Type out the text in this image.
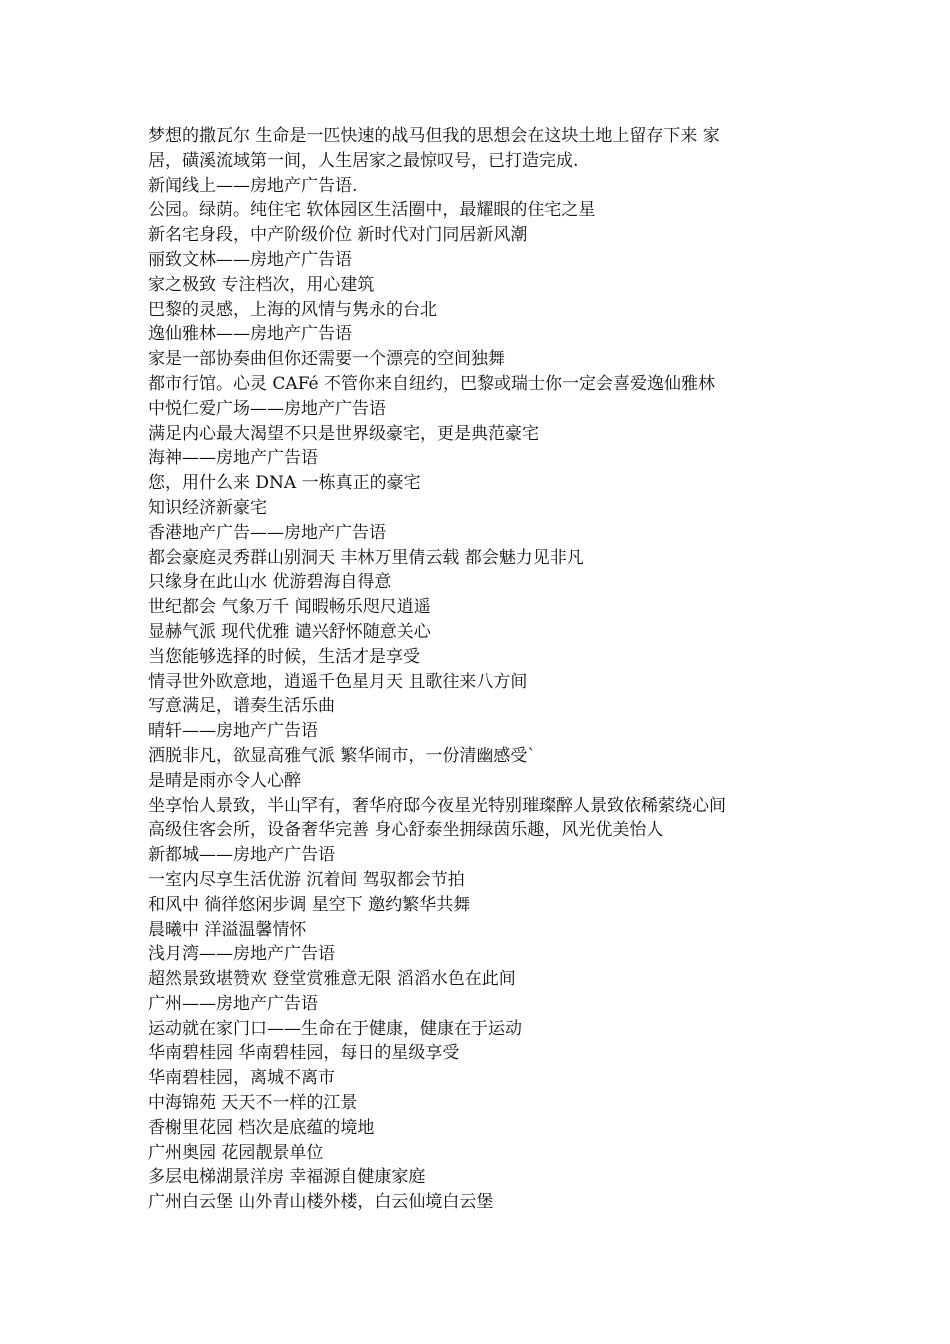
梦想的撒瓦尔 生命是一匹快速的战马但我的思想会在这块土地上留存下来 家
居，磺溪流域第一间，人生居家之最惊叹号，已打造完成.
新闻线上——房地产广告语.
公园。绿荫。纯住宅 软体园区生活圈中，最耀眼的住宅之星
新名宅身段，中产阶级价位 新时代对门同居新风潮
丽致文林——房地产广告语
家之极致 专注档次，用心建筑
巴黎的灵感，上海的风情与隽永的台北
逸仙雅林——房地产广告语
家是一部协奏曲但你还需要一个漂亮的空间独舞
都市行馆。心灵 CAFé 不管你来自纽约，巴黎或瑞士你一定会喜爱逸仙雅林
中悦仁爱广场——房地产广告语
满足内心最大渴望不只是世界级豪宅，更是典范豪宅
海神——房地产广告语
您，用什么来 DNA 一栋真正的豪宅
知识经济新豪宅
香港地产广告——房地产广告语
都会豪庭灵秀群山别洞天 丰林万里倩云载 都会魅力见非凡
只缘身在此山水 优游碧海自得意
世纪都会 气象万千 闻暇畅乐咫尺逍遥
显赫气派 现代优雅 谴兴舒怀随意关心
当您能够选择的时候，生活才是享受
情寻世外欧意地，逍遥千色星月天 且歌往来八方间
写意满足，谱奏生活乐曲
晴轩——房地产广告语
洒脱非凡，欲显高雅气派 繁华闹市，一份清幽感受`
是晴是雨亦令人心醉
坐享怡人景致，半山罕有，奢华府邸今夜星光特别璀璨醉人景致依稀萦绕心间
高级住客会所，设备奢华完善 身心舒泰坐拥绿茵乐趣，风光优美怡人
新都城——房地产广告语
一室内尽享生活优游 沉着间 驾驭都会节拍
和风中 徜徉悠闲步调 星空下 邀约繁华共舞
晨曦中 洋溢温馨情怀
浅月湾——房地产广告语
超然景致堪赞欢 登堂赏雅意无限 滔滔水色在此间
广州——房地产广告语
运动就在家门口——生命在于健康，健康在于运动
华南碧桂园 华南碧桂园，每日的星级享受
华南碧桂园，离城不离市
中海锦苑 天天不一样的江景
香榭里花园 档次是底蕴的境地
广州奥园 花园靓景单位
多层电梯湖景洋房 幸福源自健康家庭
广州白云堡 山外青山楼外楼，白云仙境白云堡
